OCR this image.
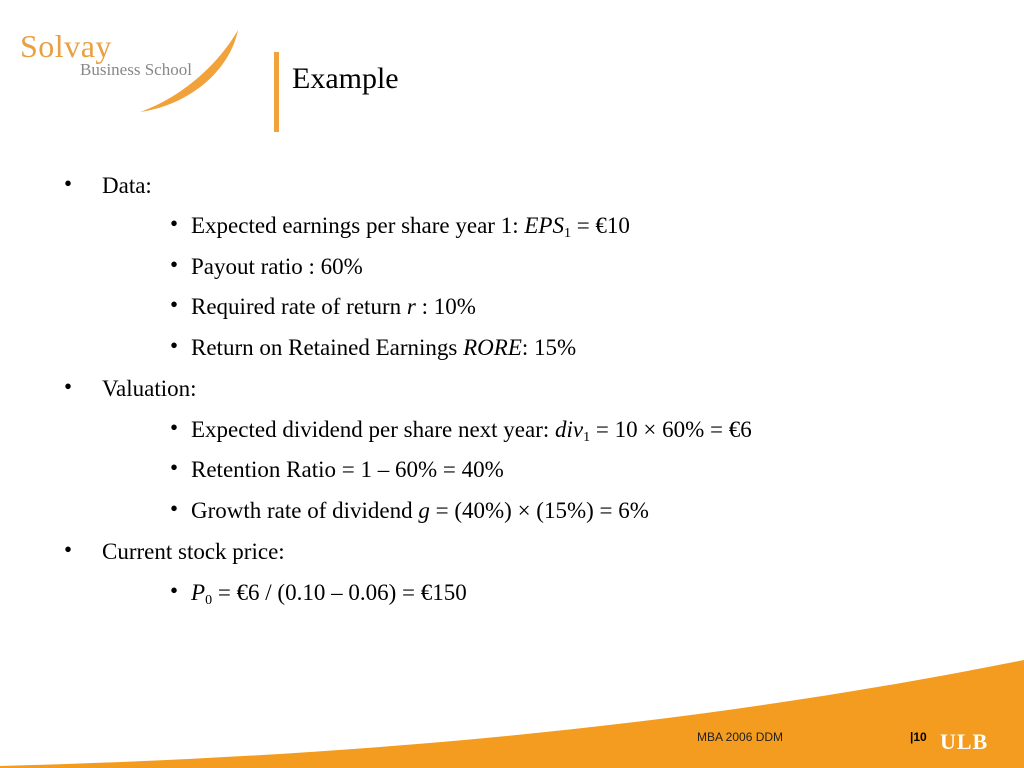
Solvay
Business School	Example
• Data:
• Expected earnings per share year 1: $EPS_1$ = €10
• Payout ratio : 60%
• Required rate of return r : 10%
• Return on Retained Earnings RORE: 15%
• Valuation:
• Expected dividend per share next year: div$_1$ = 10 × 60% = €6
• Retention Ratio = 1 – 60% = 40%
• Growth rate of dividend g = (40%) × (15%) = 6%
• Current stock price:
• $P_0$ = €6 / (0.10 – 0.06) = €150
MBA 2006 DDM	|10 ULB
